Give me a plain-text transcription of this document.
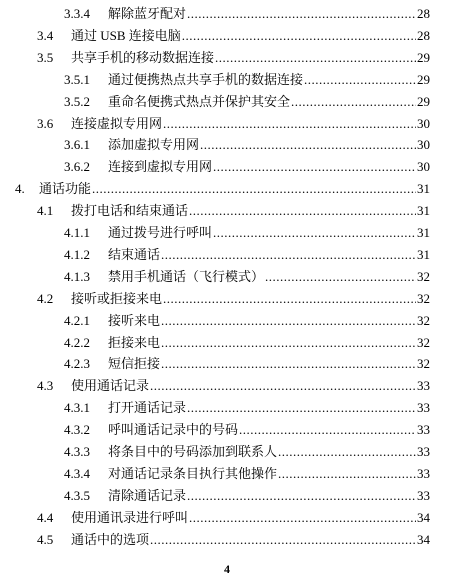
3.3.4	解除蓝牙配对 .....	28
3.4	通过 USB 连接电脑 .....	28
3.5	共享手机的移动数据连接 .....	29
3.5.1	通过便携热点共享手机的数据连接 .....	29
3.5.2	重命名便携式热点并保护其安全 .....	29
3.6	连接虚拟专用网 .....	30
3.6.1	添加虚拟专用网 .....	30
3.6.2	连接到虚拟专用网 .....	30
4.	通话功能 .....	31
4.1	拨打电话和结束通话 .....	31
4.1.1	通过拨号进行呼叫 .....	31
4.1.2	结束通话 .....	31
4.1.3	禁用手机通话（飞行模式） .....	32
4.2	接听或拒接来电 .....	32
4.2.1	接听来电 .....	32
4.2.2	拒接来电 .....	32
4.2.3	短信拒接 .....	32
4.3	使用通话记录 .....	33
4.3.1	打开通话记录 .....	33
4.3.2	呼叫通话记录中的号码 .....	33
4.3.3	将条目中的号码添加到联系人 .....	33
4.3.4	对通话记录条目执行其他操作 .....	33
4.3.5	清除通话记录 .....	33
4.4	使用通讯录进行呼叫 .....	34
4.5	通话中的选项 .....	34
4
